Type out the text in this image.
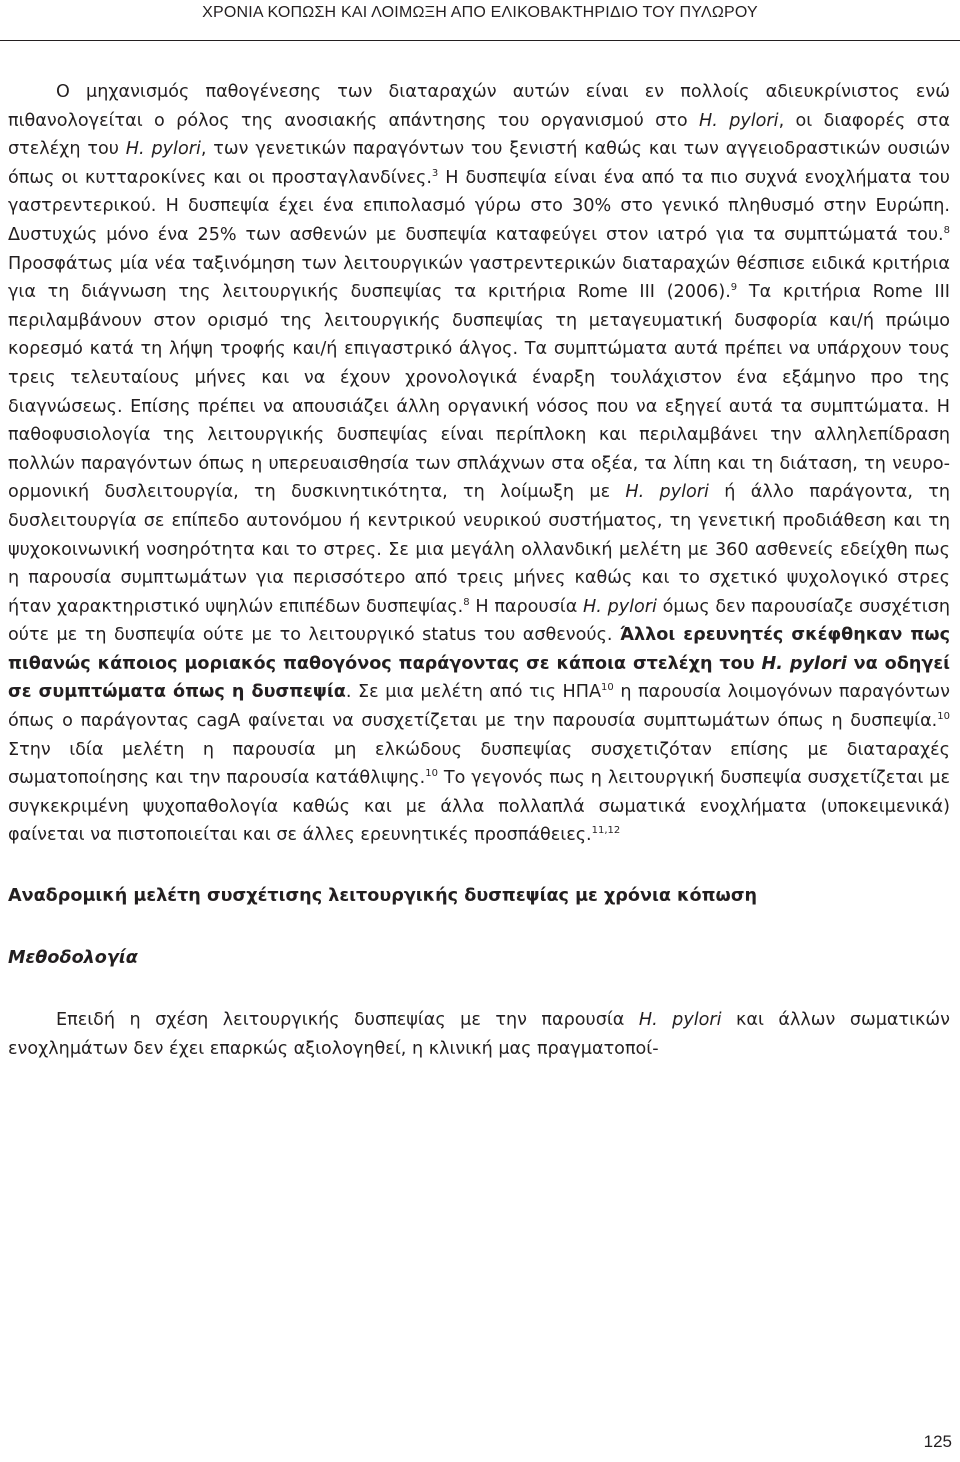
ΧΡΟΝΙΑ ΚΟΠΩΣΗ ΚΑΙ ΛΟΙΜΩΞΗ ΑΠΟ ΕΛΙΚΟΒΑΚΤΗΡΙΔΙΟ ΤΟΥ ΠΥΛΩΡΟΥ

Ο μηχανισμός παθογένεσης των διαταραχών αυτών είναι εν πολλοίς αδιευκρίνιστος ενώ πιθανολογείται ο ρόλος της ανοσιακής απάντησης του οργανισμού στο H. pylori, οι διαφορές στα στελέχη του H. pylori, των γενετικών παραγόντων του ξενιστή καθώς και των αγγειοδραστικών ουσιών όπως οι κυτταροκίνες και οι προσταγλανδίνες.$^3$ Η δυσπεψία είναι ένα από τα πιο συχνά ενοχλήματα του γαστρεντερικού. Η δυσπεψία έχει ένα επιπολασμό γύρω στο 30% στο γενικό πληθυσμό στην Ευρώπη. Δυστυχώς μόνο ένα 25% των ασθενών με δυσπεψία καταφεύγει στον ιατρό για τα συμπτώματά του.$^8$ Προσφάτως μία νέα ταξινόμηση των λειτουργικών γαστρεντερικών διαταραχών θέσπισε ειδικά κριτήρια για τη διάγνωση της λειτουργικής δυσπεψίας τα κριτήρια Rome III (2006).$^9$ Τα κριτήρια Rome III περιλαμβάνουν στον ορισμό της λειτουργικής δυσπεψίας τη μεταγευματική δυσφορία και/ή πρώιμο κορεσμό κατά τη λήψη τροφής και/ή επιγαστρικό άλγος. Τα συμπτώματα αυτά πρέπει να υπάρχουν τους τρεις τελευταίους μήνες και να έχουν χρονολογικά έναρξη τουλάχιστον ένα εξάμηνο προ της διαγνώσεως. Επίσης πρέπει να απουσιάζει άλλη οργανική νόσος που να εξηγεί αυτά τα συμπτώματα. Η παθοφυσιολογία της λειτουργικής δυσπεψίας είναι περίπλοκη και περιλαμβάνει την αλληλεπίδραση πολλών παραγόντων όπως η υπερευαισθησία των σπλάχνων στα οξέα, τα λίπη και τη διάταση, τη νευρο-ορμονική δυσλειτουργία, τη δυσκινητικότητα, τη λοίμωξη με H. pylori ή άλλο παράγοντα, τη δυσλειτουργία σε επίπεδο αυτονόμου ή κεντρικού νευρικού συστήματος, τη γενετική προδιάθεση και τη ψυχοκοινωνική νοσηρότητα και το στρες. Σε μια μεγάλη ολλανδική μελέτη με 360 ασθενείς εδείχθη πως η παρουσία συμπτωμάτων για περισσότερο από τρεις μήνες καθώς και το σχετικό ψυχολογικό στρες ήταν χαρακτηριστικό υψηλών επιπέδων δυσπεψίας.$^8$ Η παρουσία H. pylori όμως δεν παρουσίαζε συσχέτιση ούτε με τη δυσπεψία ούτε με το λειτουργικό status του ασθενούς. Άλλοι ερευνητές σκέφθηκαν πως πιθανώς κάποιος μοριακός παθογόνος παράγοντας σε κάποια στελέχη του H. pylori να οδηγεί σε συμπτώματα όπως η δυσπεψία. Σε μια μελέτη από τις ΗΠΑ$^{10}$ η παρουσία λοιμογόνων παραγόντων όπως ο παράγοντας cagA φαίνεται να συσχετίζεται με την παρουσία συμπτωμάτων όπως η δυσπεψία.$^{10}$ Στην ιδία μελέτη η παρουσία μη ελκώδους δυσπεψίας συσχετιζόταν επίσης με διαταραχές σωματοποίησης και την παρουσία κατάθλιψης.$^{10}$ Το γεγονός πως η λειτουργική δυσπεψία συσχετίζεται με συγκεκριμένη ψυχοπαθολογία καθώς και με άλλα πολλαπλά σωματικά ενοχλήματα (υποκειμενικά) φαίνεται να πιστοποιείται και σε άλλες ερευνητικές προσπάθειες.$^{11,12}$

Αναδρομική μελέτη συσχέτισης λειτουργικής δυσπεψίας με χρόνια κόπωση
Μεθοδολογία

Επειδή η σχέση λειτουργικής δυσπεψίας με την παρουσία H. pylori και άλλων σωματικών ενοχλημάτων δεν έχει επαρκώς αξιολογηθεί, η κλινική μας πραγματοποί-

125
